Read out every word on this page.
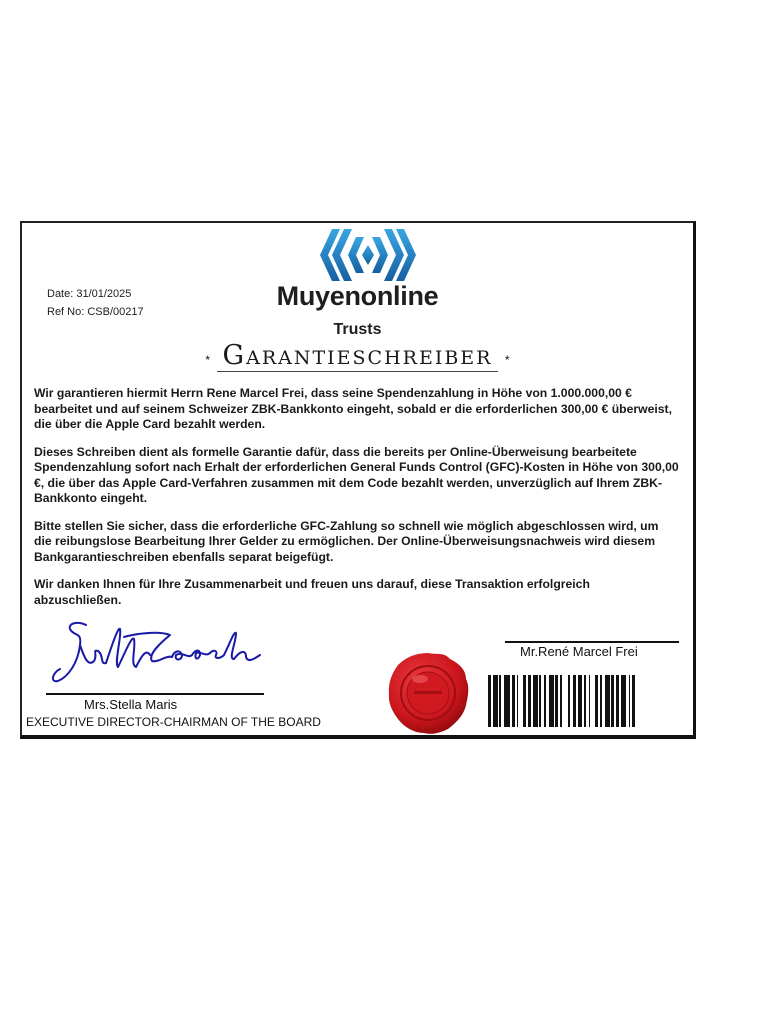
Muyenonline
Trusts
Date: 31/01/2025
Ref No: CSB/00217
* Garantieschreiber *

Wir garantieren hiermit Herrn Rene Marcel Frei, dass seine Spendenzahlung in Höhe von 1.000.000,00 € bearbeitet und auf seinem Schweizer ZBK-Bankkonto eingeht, sobald er die erforderlichen 300,00 € überweist, die über die Apple Card bezahlt werden.

Dieses Schreiben dient als formelle Garantie dafür, dass die bereits per Online-Überweisung bearbeitete Spendenzahlung sofort nach Erhalt der erforderlichen General Funds Control (GFC)-Kosten in Höhe von 300,00 €, die über das Apple Card-Verfahren zusammen mit dem Code bezahlt werden, unverzüglich auf Ihrem ZBK-Bankkonto eingeht.

Bitte stellen Sie sicher, dass die erforderliche GFC-Zahlung so schnell wie möglich abgeschlossen wird, um die reibungslose Bearbeitung Ihrer Gelder zu ermöglichen. Der Online-Überweisungsnachweis wird diesem Bankgarantieschreiben ebenfalls separat beigefügt.

Wir danken Ihnen für Ihre Zusammenarbeit und freuen uns darauf, diese Transaktion erfolgreich abzuschließen.

Mrs.Stella Maris
EXECUTIVE DIRECTOR-CHAIRMAN OF THE BOARD
Mr.René Marcel Frei
